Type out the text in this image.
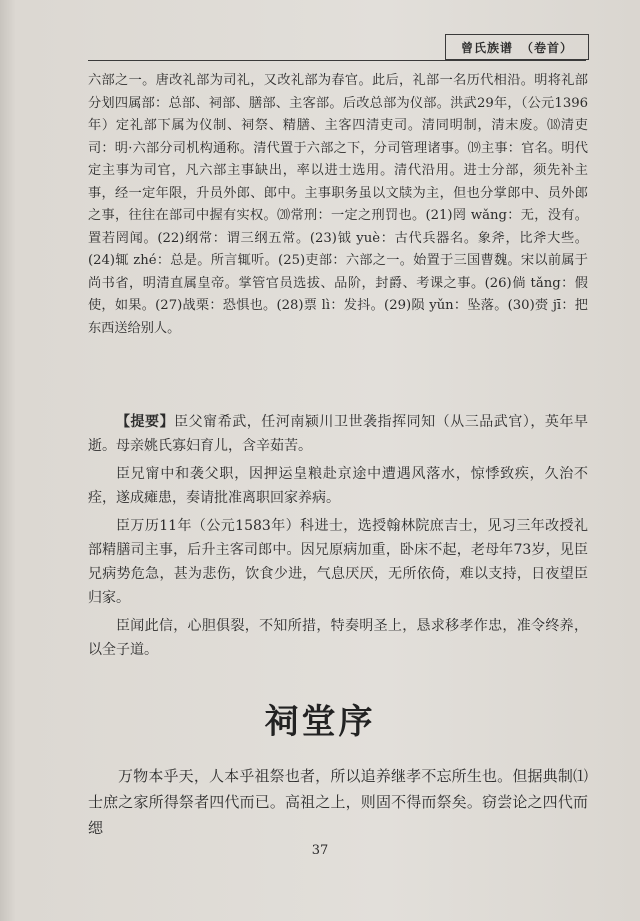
曾氏族谱 （卷首）

六部之一。唐改礼部为司礼，又改礼部为春官。此后，礼部一名历代相沿。明将礼部分划四属部：总部、祠部、膳部、主客部。后改总部为仪部。洪武29年，（公元1396年）定礼部下属为仪制、祠祭、精膳、主客四清吏司。清同明制，清末废。⒅清吏司：明·六部分司机构通称。清代置于六部之下，分司管理诸事。⒆主事：官名。明代定主事为司官，凡六部主事缺出，率以进士选用。清代沿用。进士分部，须先补主事，经一定年限，升员外郎、郎中。主事职务虽以文牍为主，但也分掌郎中、员外郎之事，往往在部司中握有实权。⒇常刑：一定之刑罚也。(21)罔 wǎng：无，没有。置若罔闻。(22)纲常：谓三纲五常。(23)钺 yuè：古代兵器名。象斧，比斧大些。(24)辄 zhé：总是。所言辄听。(25)吏部：六部之一。始置于三国曹魏。宋以前属于尚书省，明清直属皇帝。掌管官员选拔、品阶，封爵、考课之事。(26)倘 tǎng：假使，如果。(27)战栗：恐惧也。(28)票 lì：发抖。(29)陨 yǔn：坠落。(30)赍 jī：把东西送给别人。

【提要】臣父甯希武，任河南颍川卫世袭指挥同知（从三品武官），英年早逝。母亲姚氏寡妇育儿，含辛茹苦。

臣兄甯中和袭父职，因押运皇粮赴京途中遭遇风落水，惊悸致疾，久治不痊，遂成瘫患，奏请批准离职回家养病。

臣万历11年（公元1583年）科进士，选授翰林院庶吉士，见习三年改授礼部精膳司主事，后升主客司郎中。因兄原病加重，卧床不起，老母年73岁，见臣兄病势危急，甚为悲伤，饮食少进，气息厌厌，无所依倚，难以支持，日夜望臣归家。

臣闻此信，心胆俱裂，不知所措，特奏明圣上，恳求移孝作忠，准令终养，以全子道。

祠堂序

万物本乎天，人本乎祖祭也者，所以追养继孝不忘所生也。但据典制⑴士庶之家所得祭者四代而已。高祖之上，则固不得而祭矣。窃尝论之四代而缌

37
